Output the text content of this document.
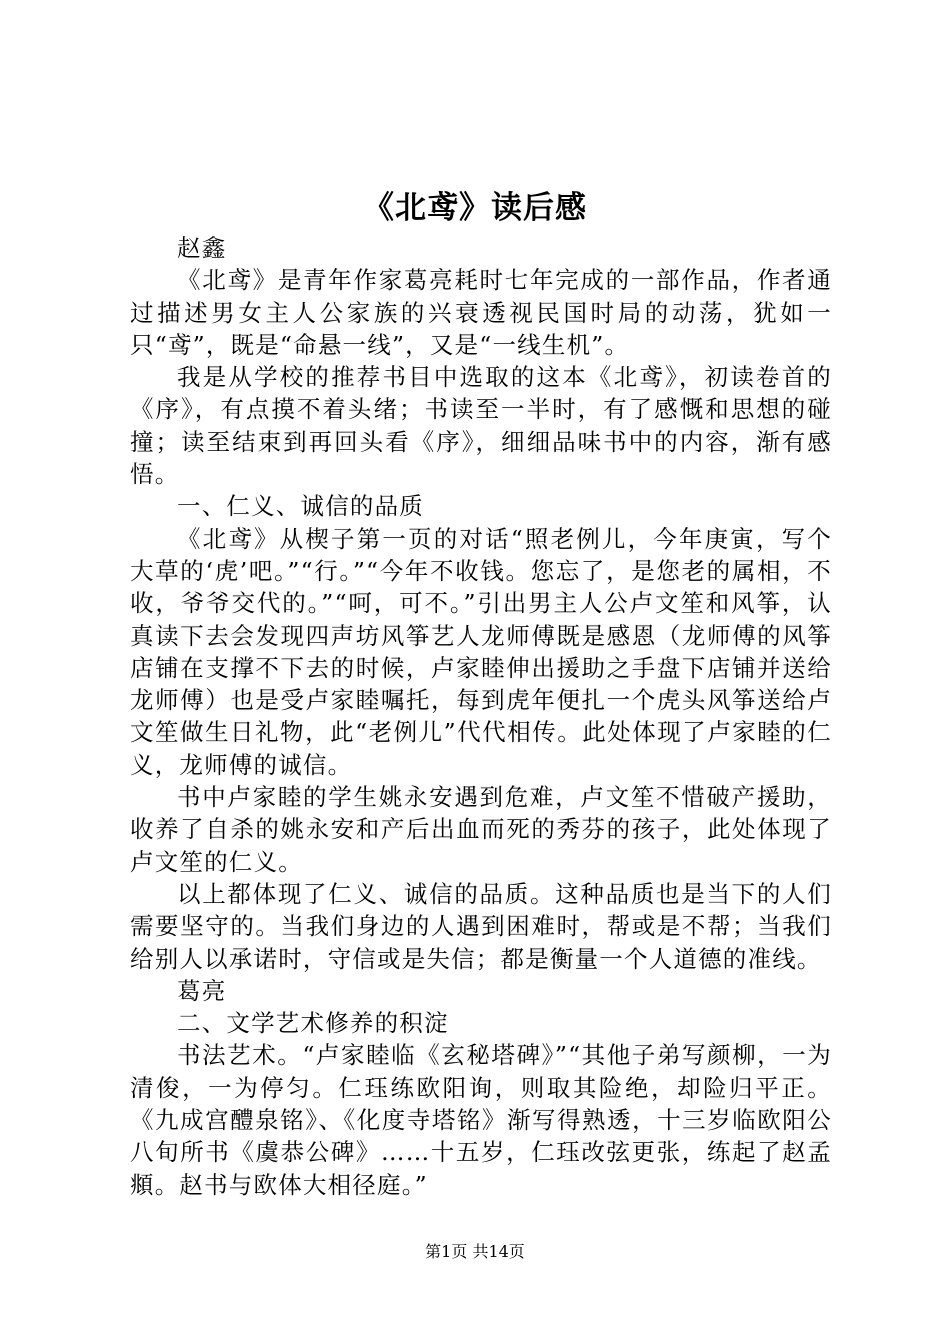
《北鸢》读后感

赵鑫

《北鸢》是青年作家葛亮耗时七年完成的一部作品，作者通过描述男女主人公家族的兴衰透视民国时局的动荡，犹如一只“鸢”，既是“命悬一线”，又是“一线生机”。

我是从学校的推荐书目中选取的这本《北鸢》，初读卷首的《序》，有点摸不着头绪；书读至一半时，有了感慨和思想的碰撞；读至结束到再回头看《序》，细细品味书中的内容，渐有感悟。

一、仁义、诚信的品质

《北鸢》从楔子第一页的对话“照老例儿，今年庚寅，写个大草的‘虎’吧。”“行。”“今年不收钱。您忘了，是您老的属相，不收，爷爷交代的。”“呵，可不。”引出男主人公卢文笙和风筝，认真读下去会发现四声坊风筝艺人龙师傅既是感恩（龙师傅的风筝店铺在支撑不下去的时候，卢家睦伸出援助之手盘下店铺并送给龙师傅）也是受卢家睦嘱托，每到虎年便扎一个虎头风筝送给卢文笙做生日礼物，此“老例儿”代代相传。此处体现了卢家睦的仁义，龙师傅的诚信。

书中卢家睦的学生姚永安遇到危难，卢文笙不惜破产援助，收养了自杀的姚永安和产后出血而死的秀芬的孩子，此处体现了卢文笙的仁义。

以上都体现了仁义、诚信的品质。这种品质也是当下的人们需要坚守的。当我们身边的人遇到困难时，帮或是不帮；当我们给别人以承诺时，守信或是失信；都是衡量一个人道德的准线。

葛亮

二、文学艺术修养的积淀

书法艺术。“卢家睦临《玄秘塔碑》”“其他子弟写颜柳，一为清俊，一为停匀。仁珏练欧阳询，则取其险绝，却险归平正。《九成宫醴泉铭》、《化度寺塔铭》渐写得熟透，十三岁临欧阳公八旬所书《虞恭公碑》……十五岁，仁珏改弦更张，练起了赵孟頫。赵书与欧体大相径庭。”

第1页 共14页
